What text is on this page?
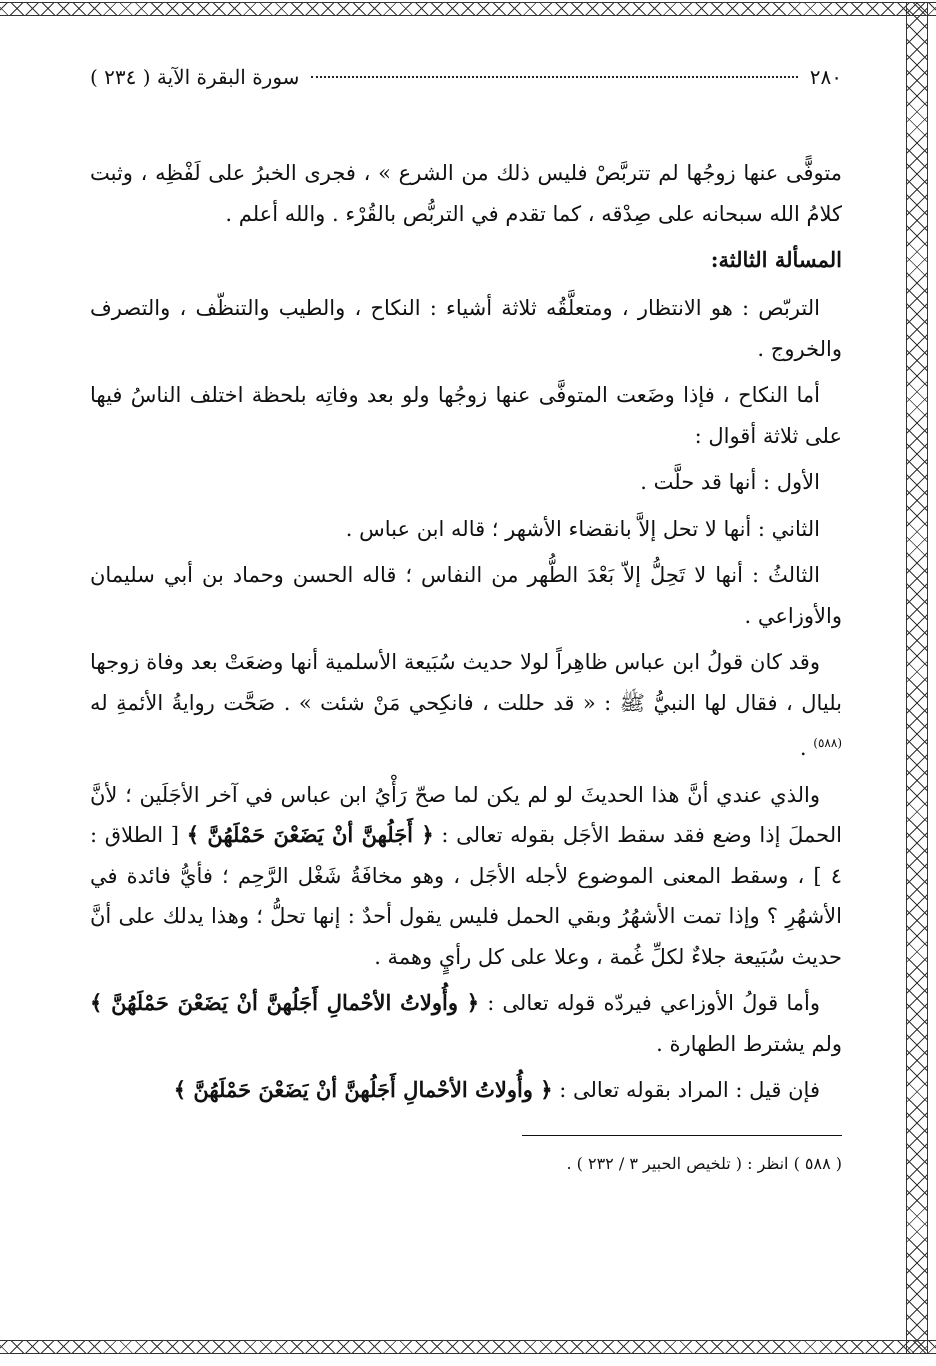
٢٨٠
سورة البقرة الآية ( ٢٣٤ )

متوفًّى عنها زوجُها لم تتربَّصْ فليس ذلك من الشرع » ، فجرى الخبرُ على لَفْظِه ، وثبت كلامُ الله سبحانه على صِدْقه ، كما تقدم في التربُّص بالقُرْء . والله أعلم .

المسألة الثالثة:

التربّص : هو الانتظار ، ومتعلَّقُه ثلاثة أشياء : النكاح ، والطيب والتنظّف ، والتصرف والخروج .

أما النكاح ، فإذا وضَعت المتوفَّى عنها زوجُها ولو بعد وفاتِه بلحظة اختلف الناسُ فيها على ثلاثة أقوال :

الأول : أنها قد حلَّت .

الثاني : أنها لا تحل إلاَّ بانقضاء الأشهر ؛ قاله ابن عباس .

الثالثُ : أنها لا تَحِلُّ إلاّ بَعْدَ الطُّهر من النفاس ؛ قاله الحسن وحماد بن أبي سليمان والأوزاعي .

وقد كان قولُ ابن عباس ظاهِراً لولا حديث سُبَيعة الأسلمية أنها وضعَتْ بعد وفاة زوجها بليال ، فقال لها النبيُّ ﷺ : « قد حللت ، فانكِحي مَنْ شئت » . صَحَّت روايةُ الأئمةِ له $^{(٥٨٨)}$ .

والذي عندي أنَّ هذا الحديثَ لو لم يكن لما صحّ رَأْيُ ابن عباس في آخر الأجَلَين ؛ لأنَّ الحملَ إذا وضع فقد سقط الأجَل بقوله تعالى : ﴿ أَجَلُهنَّ أنْ يَضَعْنَ حَمْلَهُنَّ ﴾ [ الطلاق : ٤ ] ، وسقط المعنى الموضوع لأجله الأجَل ، وهو مخافَةُ شَغْل الرَّحِم ؛ فأيُّ فائدة في الأشهُرِ ؟ وإذا تمت الأشهُرُ وبقي الحمل فليس يقول أحدٌ : إنها تحلُّ ؛ وهذا يدلك على أنَّ حديث سُبَيعة جلاءٌ لكلِّ غُمة ، وعلا على كل رأيٍ وهمة .

وأما قولُ الأوزاعي فيردّه قوله تعالى : ﴿ وأُولاتُ الأحْمالِ أَجَلُهنَّ أنْ يَضَعْنَ حَمْلَهُنَّ ﴾ ولم يشترط الطهارة .

فإن قيل : المراد بقوله تعالى : ﴿ وأُولاتُ الأحْمالِ أَجَلُهنَّ أنْ يَضَعْنَ حَمْلَهُنَّ ﴾

( ٥٨٨ ) انظر : ( تلخيص الحبير ٣ / ٢٣٢ ) .
